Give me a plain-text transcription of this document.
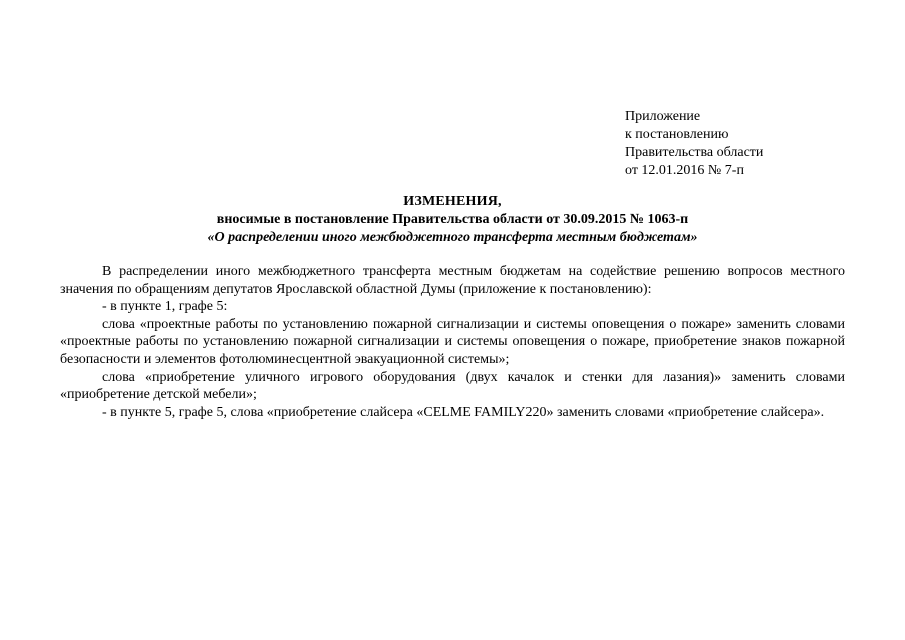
Приложение
к постановлению
Правительства области
от 12.01.2016 № 7-п
ИЗМЕНЕНИЯ,
вносимые в постановление Правительства области от 30.09.2015 № 1063-п
«О распределении иного межбюджетного трансферта местным бюджетам»

В распределении иного межбюджетного трансферта местным бюджетам на содействие решению вопросов местного значения по обращениям депутатов Ярославской областной Думы (приложение к постановлению):

- в пункте 1, графе 5:

слова «проектные работы по установлению пожарной сигнализации и системы оповещения о пожаре» заменить словами «проектные работы по установлению пожарной сигнализации и системы оповещения о пожаре, приобретение знаков пожарной безопасности и элементов фотолюминесцентной эвакуационной системы»;

слова «приобретение уличного игрового оборудования (двух качалок и стенки для лазания)» заменить словами «приобретение детской мебели»;

- в пункте 5, графе 5, слова «приобретение слайсера «CELME FAMILY220» заменить словами «приобретение слайсера».
